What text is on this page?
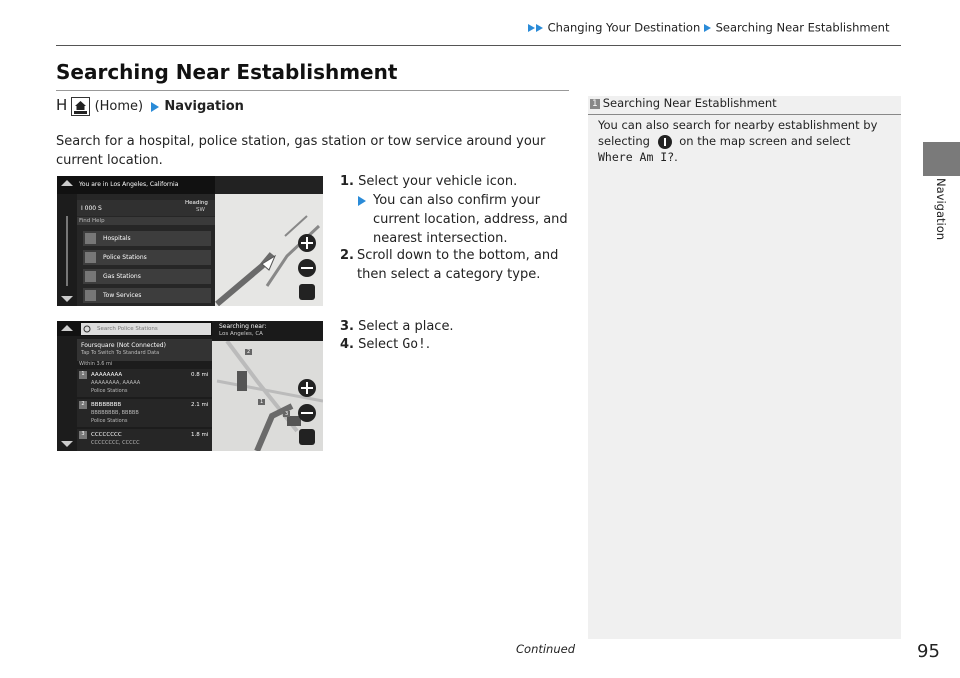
Changing Your Destination Searching Near Establishment
Navigation
Searching Near Establishment
H (Home) Navigation
Search for a hospital, police station, gas station or tow service around your current location.
You are in Los Angeles, California
I 000 S
Heading
SW
Find Help
Hospitals
Police Stations
Gas Stations
Tow Services
Search Police Stations	Searching near:
Los Angeles, CA
Foursquare (Not Connected)
Tap To Switch To Standard Data
Within 3.6 mi
AAAAAAAA
AAAAAAAA, AAAAA
Police Stations
0.8 mi
BBBBBBBB
BBBBBBBB, BBBBB
Police Stations
2.1 mi
CCCCCCCC
CCCCCCCC, CCCCC
1.8 mi
1
2
3
2
1
3
1. Select your vehicle icon.
You can also confirm your current location, address, and nearest intersection.
2. Scroll down to the bottom, and then select a category type.
3. Select a place.
4. Select Go!.
1 Searching Near Establishment
You can also search for nearby establishment by selecting	on the map screen and select Where Am I?.
Continued	95
